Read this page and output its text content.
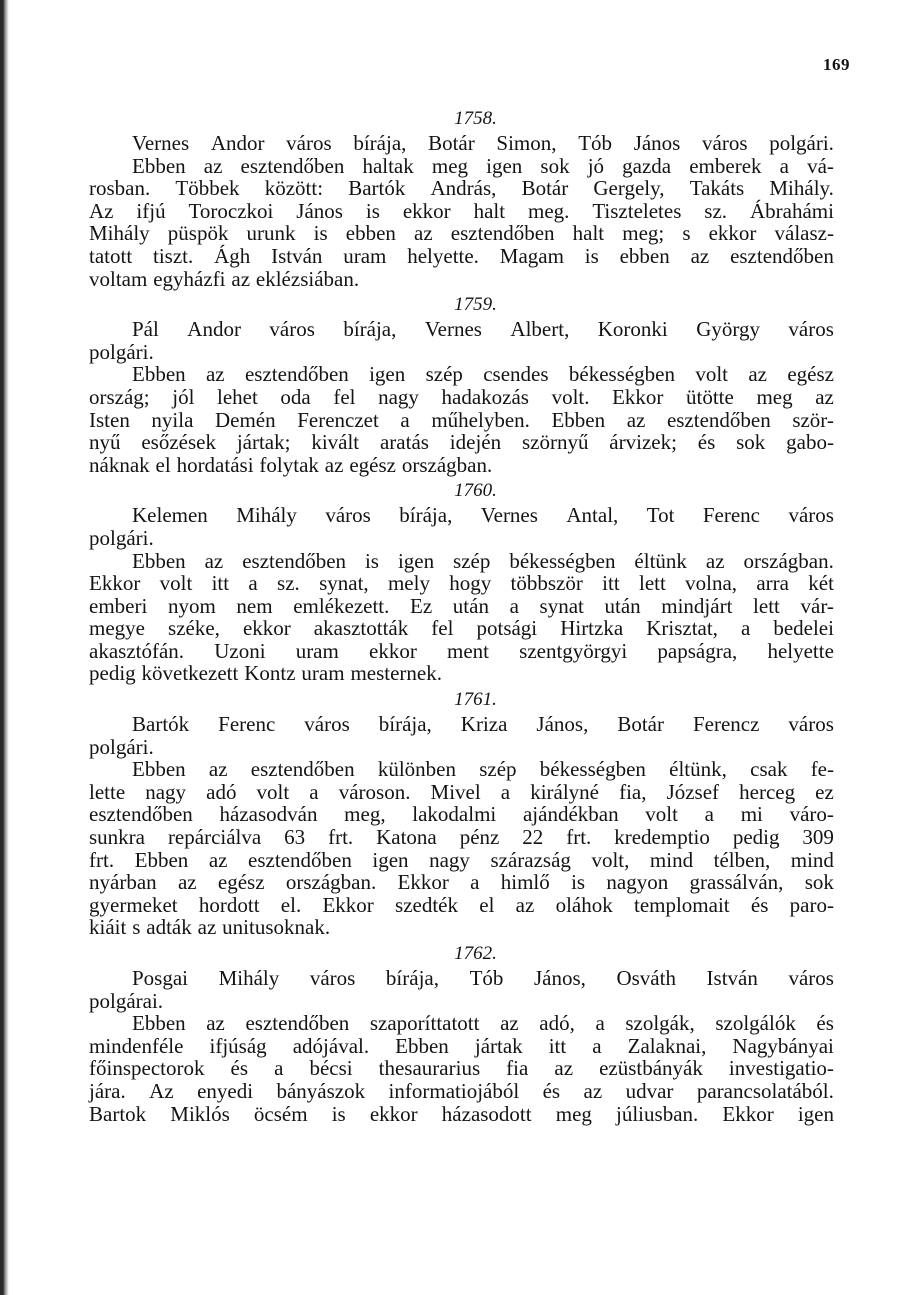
169
1758.
Vernes Andor város bírája, Botár Simon, Tób János város polgári.
Ebben az esztendőben haltak meg igen sok jó gazda emberek a vá-
rosban. Többek között: Bartók András, Botár Gergely, Takáts Mihály.
Az ifjú Toroczkoi János is ekkor halt meg. Tiszteletes sz. Ábrahámi
Mihály püspök urunk is ebben az esztendőben halt meg; s ekkor válasz-
tatott tiszt. Ágh István uram helyette. Magam is ebben az esztendőben
voltam egyházfi az eklézsiában.
1759.
Pál Andor város bírája, Vernes Albert, Koronki György város
polgári.
Ebben az esztendőben igen szép csendes békességben volt az egész
ország; jól lehet oda fel nagy hadakozás volt. Ekkor ütötte meg az
Isten nyila Demén Ferenczet a műhelyben. Ebben az esztendőben ször-
nyű esőzések jártak; kivált aratás idején szörnyű árvizek; és sok gabo-
náknak el hordatási folytak az egész országban.
1760.
Kelemen Mihály város bírája, Vernes Antal, Tot Ferenc város
polgári.
Ebben az esztendőben is igen szép békességben éltünk az országban.
Ekkor volt itt a sz. synat, mely hogy többször itt lett volna, arra két
emberi nyom nem emlékezett. Ez után a synat után mindjárt lett vár-
megye széke, ekkor akasztották fel potsági Hirtzka Krisztat, a bedelei
akasztófán. Uzoni uram ekkor ment szentgyörgyi papságra, helyette
pedig következett Kontz uram mesternek.
1761.
Bartók Ferenc város bírája, Kriza János, Botár Ferencz város
polgári.
Ebben az esztendőben különben szép békességben éltünk, csak fe-
lette nagy adó volt a városon. Mivel a királyné fia, József herceg ez
esztendőben házasodván meg, lakodalmi ajándékban volt a mi váro-
sunkra repárciálva 63 frt. Katona pénz 22 frt. kredemptio pedig 309
frt. Ebben az esztendőben igen nagy szárazság volt, mind télben, mind
nyárban az egész országban. Ekkor a himlő is nagyon grassálván, sok
gyermeket hordott el. Ekkor szedték el az oláhok templomait és paro-
kiáit s adták az unitusoknak.
1762.
Posgai Mihály város bírája, Tób János, Osváth István város
polgárai.
Ebben az esztendőben szaporíttatott az adó, a szolgák, szolgálók és
mindenféle ifjúság adójával. Ebben jártak itt a Zalaknai, Nagybányai
főinspectorok és a bécsi thesaurarius fia az ezüstbányák investigatio-
jára. Az enyedi bányászok informatiojából és az udvar parancsolatából.
Bartok Miklós öcsém is ekkor házasodott meg júliusban. Ekkor igen
